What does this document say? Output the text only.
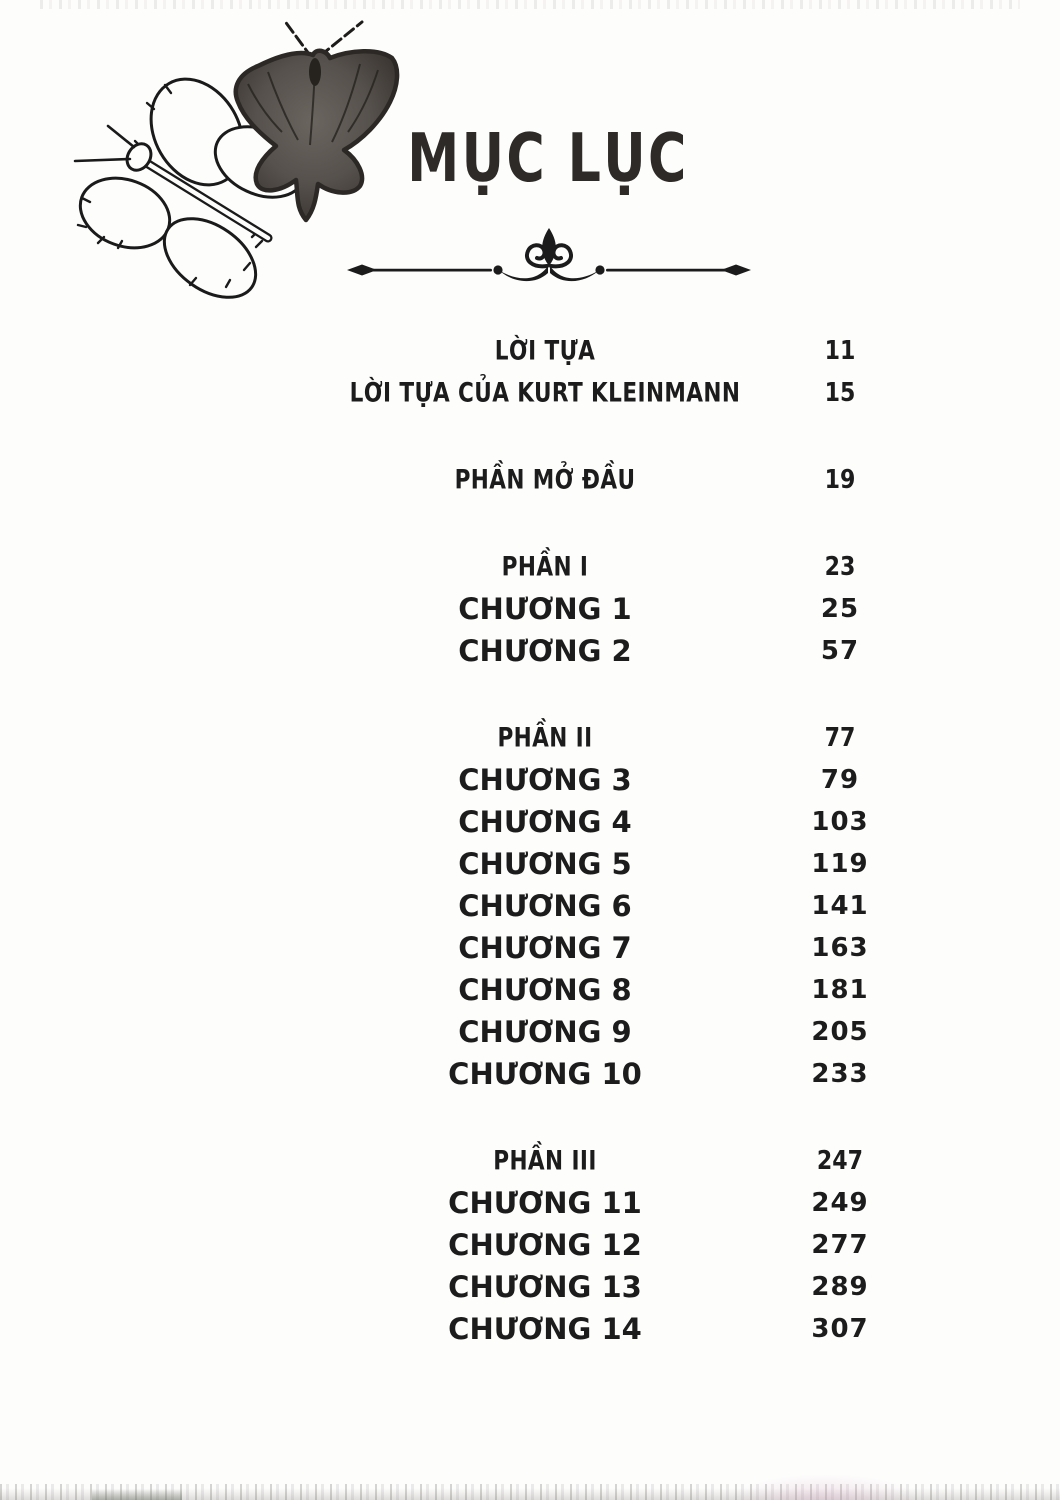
MỤC LỤC
LỜI TỰA	11
LỜI TỰA CỦA KURT KLEINMANN	15
PHẦN MỞ ĐẦU	19
PHẦN I	23
CHƯƠNG 1	25
CHƯƠNG 2	57
PHẦN II	77
CHƯƠNG 3	79
CHƯƠNG 4	103
CHƯƠNG 5	119
CHƯƠNG 6	141
CHƯƠNG 7	163
CHƯƠNG 8	181
CHƯƠNG 9	205
CHƯƠNG 10	233
PHẦN III	247
CHƯƠNG 11	249
CHƯƠNG 12	277
CHƯƠNG 13	289
CHƯƠNG 14	307
